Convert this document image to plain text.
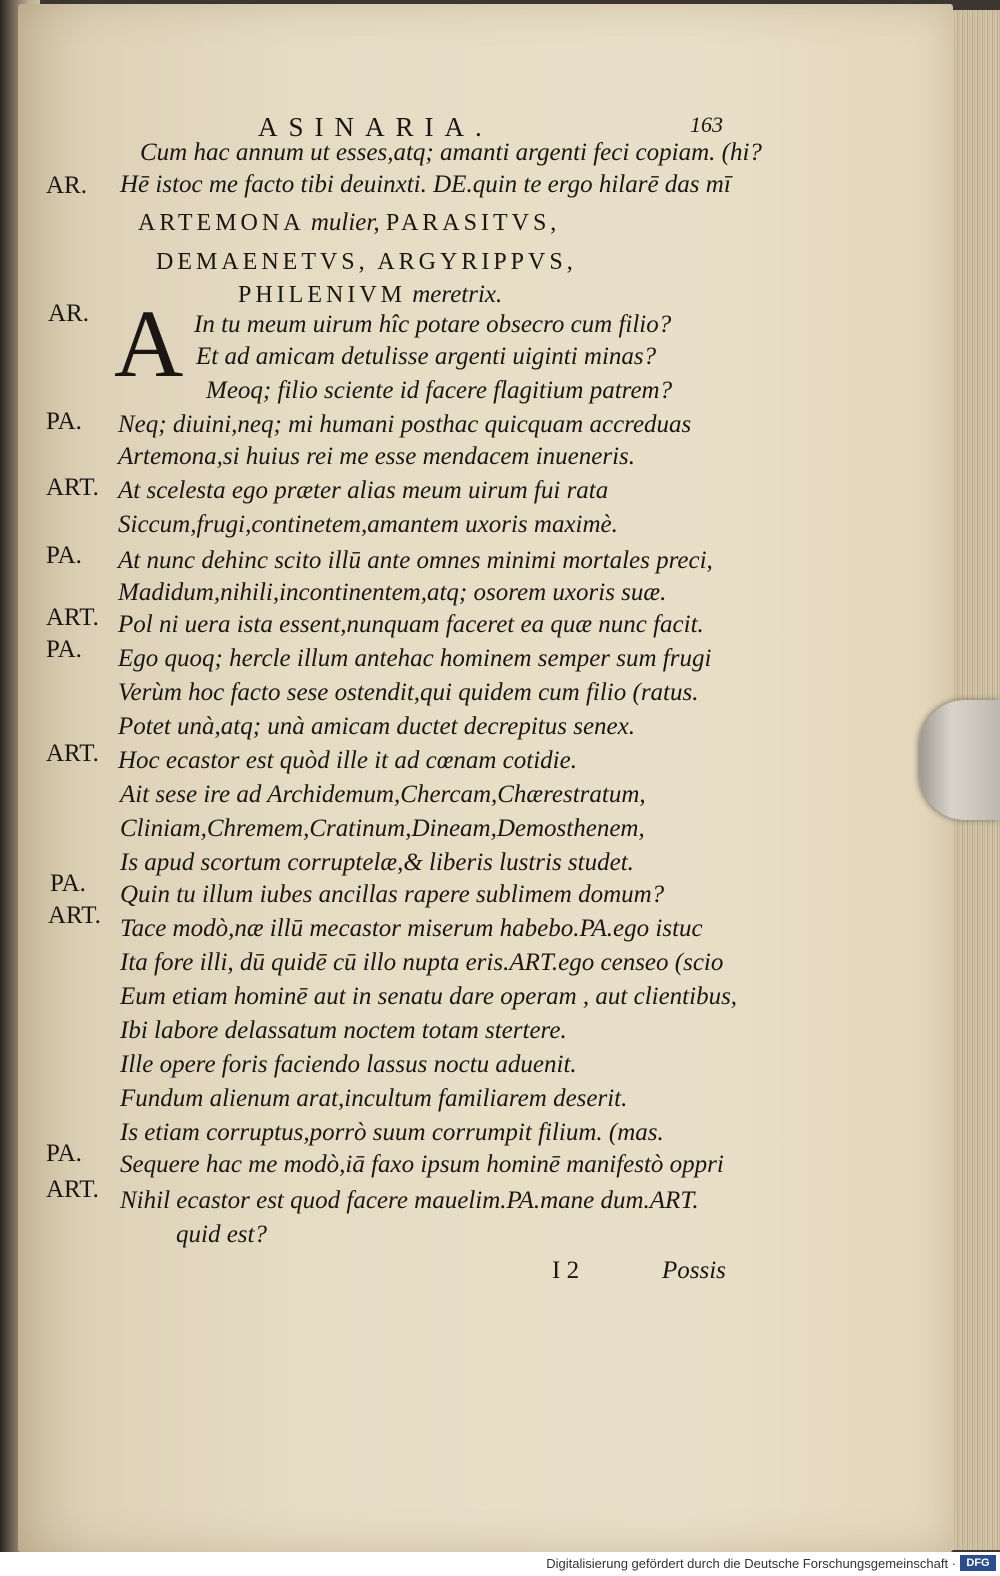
ASINARIA.	163
Cum hac annum ut esses,atq; amanti argenti feci copiam. (hi?
AR. Hē istoc me facto tibi deuinxti. DE.quin te ergo hilarē das mī
ARTEMONA mulier, PARASITVS,
DEMAENETVS, ARGYRIPPVS,
PHILENIVM meretrix.
A
AR.	In tu meum uirum hîc potare obsecro cum filio?
Et ad amicam detulisse argenti uiginti minas?
Meoq; filio sciente id facere flagitium patrem?
PA. Neq; diuini,neq; mi humani posthac quicquam accreduas
Artemona,si huius rei me esse mendacem inueneris.
ART. At scelesta ego præter alias meum uirum fui rata
Siccum,frugi,continetem,amantem uxoris maximè.
PA. At nunc dehinc scito illū ante omnes minimi mortales preci,
Madidum,nihili,incontinentem,atq; osorem uxoris suæ.
ART. Pol ni uera ista essent,nunquam faceret ea quæ nunc facit.
PA. Ego quoq; hercle illum antehac hominem semper sum frugi
Verùm hoc facto sese ostendit,qui quidem cum filio (ratus.
Potet unà,atq; unà amicam ductet decrepitus senex.
ART. Hoc ecastor est quòd ille it ad cœnam cotidie.
Ait sese ire ad Archidemum,Chercam,Chærestratum,
Cliniam,Chremem,Cratinum,Dineam,Demosthenem,
Is apud scortum corruptelæ,& liberis lustris studet.
PA. Quin tu illum iubes ancillas rapere sublimem domum?
ART. Tace modò,næ illū mecastor miserum habebo.PA.ego istuc
Ita fore illi, dū quidē cū illo nupta eris.ART.ego censeo (scio
Eum etiam hominē aut in senatu dare operam , aut clientibus,
Ibi labore delassatum noctem totam stertere.
Ille opere foris faciendo lassus noctu aduenit.
Fundum alienum arat,incultum familiarem deserit.
Is etiam corruptus,porrò suum corrumpit filium. (mas.
PA. Sequere hac me modò,iā faxo ipsum hominē manifestò oppri
ART. Nihil ecastor est quod facere mauelim.PA.mane dum.ART.
quid est?
I 2	Possis
Digitalisierung gefördert durch die Deutsche Forschungsgemeinschaft · DFG
